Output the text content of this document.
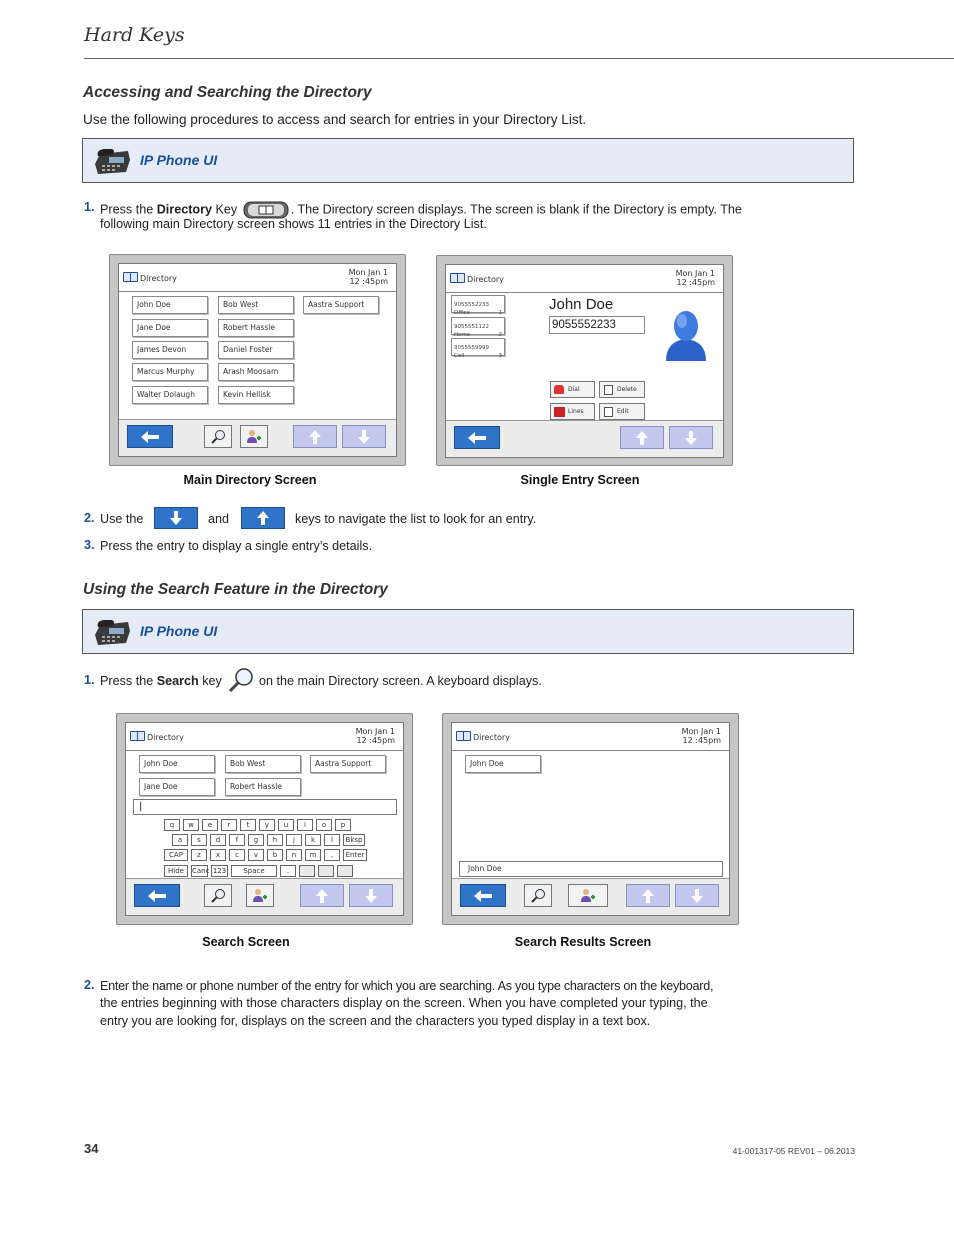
Hard Keys
Accessing and Searching the Directory
Use the following procedures to access and search for entries in your Directory List.
IP Phone UI
1. Press the Directory Key	. The Directory screen displays. The screen is blank if the Directory is empty. The
following main Directory screen shows 11 entries in the Directory List.
Directory
Mon Jan 1
12 :45pm
John Doe
Jane Doe
James Devon
Marcus Murphy
Walter Dolaugh
Bob West
Robert Hassle
Daniel Foster
Arash Moosam
Kevin Hellisk
Aastra Support
Directory
Mon Jan 1
12 :45pm
9055552233
Office	1
9055551122
Home	2
9055559999
Cell	3
John Doe
9055552233
Dial	Delete
Lines	Edit
Main Directory Screen	Single Entry Screen
2. Use the	and	keys to navigate the list to look for an entry.
3. Press the entry to display a single entry’s details.
Using the Search Feature in the Directory
IP Phone UI
1. Press the Search key	on the main Directory screen. A keyboard displays.
Directory
Mon Jan 1
12 :45pm
John Doe
Jane Doe
Bob West
Robert Hassle
Aastra Support
|
q	w	e	r	t	y	u	i	o	p
a	s	d	f	g	h	j	k	l	Bksp
CAP	z	x	c	v	b	n	m	,	Enter
Hide	Canc 123	Space	.
Directory
Mon Jan 1
12 :45pm
John Doe
John Doe
Search Screen	Search Results Screen
2. Enter the name or phone number of the entry for which you are searching. As you type characters on the keyboard,
the entries beginning with those characters display on the screen. When you have completed your typing, the
entry you are looking for, displays on the screen and the characters you typed display in a text box.
34	41-001317-05 REV01 – 06.2013
